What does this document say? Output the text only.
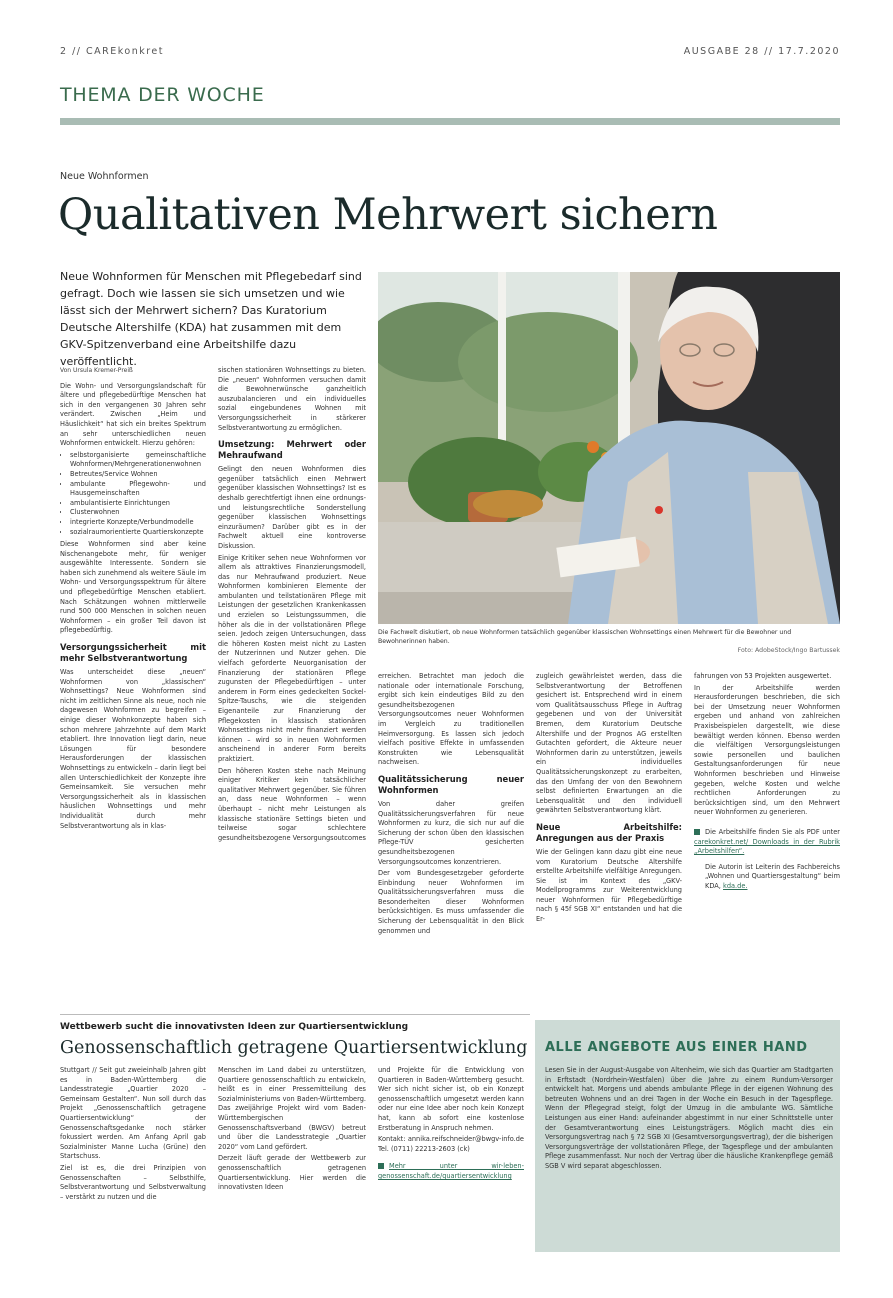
2 // CAREkonkret	AUSGABE 28 // 17.7.2020
THEMA DER WOCHE
Neue Wohnformen
Qualitativen Mehrwert sichern
Neue Wohnformen für Menschen mit Pflegebedarf sind gefragt. Doch wie lassen sie sich umsetzen und wie lässt sich der Mehrwert sichern? Das Kuratorium Deutsche Altershilfe (KDA) hat zusammen mit dem GKV-Spitzenverband eine Arbeitshilfe dazu veröffentlicht.
Die Fachwelt diskutiert, ob neue Wohnformen tatsächlich gegenüber klassischen Wohnsettings einen Mehrwert für die Bewohner und Bewohnerinnen haben.
Foto: AdobeStock/Ingo Bartussek
Von Ursula Kremer-Preiß

Die Wohn- und Versorgungslandschaft für ältere und pflegebedürftige Menschen hat sich in den vergangenen 30 Jahren sehr verändert. Zwischen „Heim und Häuslichkeit“ hat sich ein breites Spektrum an sehr unterschiedlichen neuen Wohnformen entwickelt. Hierzu gehören:

• selbstorganisierte gemeinschaftliche Wohnformen/Mehrgenerationenwohnen
• Betreutes/Service Wohnen
• ambulante Pflegewohn- und Hausgemeinschaften
• ambulantisierte Einrichtungen
• Clusterwohnen
• integrierte Konzepte/Verbundmodelle
• sozialraumorientierte Quartierskonzepte

Diese Wohnformen sind aber keine Nischenangebote mehr, für weniger ausgewählte Interessente. Sondern sie haben sich zunehmend als weitere Säule im Wohn- und Versorgungsspektrum für ältere und pflegebedürftige Menschen etabliert. Nach Schätzungen wohnen mittlerweile rund 500 000 Menschen in solchen neuen Wohnformen – ein großer Teil davon ist pflegebedürftig.

Versorgungssicherheit mit mehr Selbstverantwortung

Was unterscheidet diese „neuen“ Wohnformen von „klassischen“ Wohnsettings? Neue Wohnformen sind nicht im zeitlichen Sinne als neue, noch nie dagewesen Wohnformen zu begreifen – einige dieser Wohnkonzepte haben sich schon mehrere Jahrzehnte auf dem Markt etabliert. Ihre Innovation liegt darin, neue Lösungen für besondere Herausforderungen der klassischen Wohnsettings zu entwickeln – darin liegt bei allen Unterschiedlichkeit der Konzepte ihre Gemeinsamkeit. Sie versuchen mehr Versorgungssicherheit als in klassischen häuslichen Wohnsettings und mehr Individualität durch mehr Selbstverantwortung als in klas-

sischen stationären Wohnsettings zu bieten. Die „neuen“ Wohnformen versuchen damit die Bewohnerwünsche ganzheitlich auszubalancieren und ein individuelles sozial eingebundenes Wohnen mit Versorgungssicherheit in stärkerer Selbstverantwortung zu ermöglichen.

Umsetzung: Mehrwert oder Mehraufwand

Gelingt den neuen Wohnformen dies gegenüber tatsächlich einen Mehrwert gegenüber klassischen Wohnsettings? Ist es deshalb gerechtfertigt ihnen eine ordnungs- und leistungsrechtliche Sonderstellung gegenüber klassischen Wohnsettings einzuräumen? Darüber gibt es in der Fachwelt aktuell eine kontroverse Diskussion.

Einige Kritiker sehen neue Wohnformen vor allem als attraktives Finanzierungsmodell, das nur Mehraufwand produziert. Neue Wohnformen kombinieren Elemente der ambulanten und teilstationären Pflege mit Leistungen der gesetzlichen Krankenkassen und erzielen so Leistungssummen, die höher als die in der vollstationären Pflege seien. Jedoch zeigen Untersuchungen, dass die höheren Kosten meist nicht zu Lasten der Nutzerinnen und Nutzer gehen. Die vielfach geforderte Neuorganisation der Finanzierung der stationären Pflege zugunsten der Pflegebedürftigen – unter anderem in Form eines gedeckelten Sockel-Spitze-Tauschs, wie die steigenden Eigenanteile zur Finanzierung der Pflegekosten in klassisch stationären Wohnsettings nicht mehr finanziert werden können – wird so in neuen Wohnformen anscheinend in anderer Form bereits praktiziert.

Den höheren Kosten stehe nach Meinung einiger Kritiker kein tatsächlicher qualitativer Mehrwert gegenüber. Sie führen an, dass neue Wohnformen – wenn überhaupt – nicht mehr Leistungen als klassische stationäre Settings bieten und teilweise sogar schlechtere gesundheitsbezogene Versorgungsoutcomes

erreichen. Betrachtet man jedoch die nationale oder internationale Forschung, ergibt sich kein eindeutiges Bild zu den gesundheitsbezogenen Versorgungsoutcomes neuer Wohnformen im Vergleich zu traditionellen Heimversorgung. Es lassen sich jedoch vielfach positive Effekte in umfassenden Konstrukten wie Lebensqualität nachweisen.

Qualitätssicherung neuer Wohnformen

Von daher greifen Qualitätssicherungsverfahren für neue Wohnformen zu kurz, die sich nur auf die Sicherung der schon üben den klassischen Pflege-TÜV gesicherten gesundheitsbezogenen Versorgungsoutcomes konzentrieren.

Der vom Bundesgesetzgeber geforderte Einbindung neuer Wohnformen im Qualitätssicherungsverfahren muss die Besonderheiten dieser Wohnformen berücksichtigen. Es muss umfassender die Sicherung der Lebensqualität in den Blick genommen und

zugleich gewährleistet werden, dass die Selbstverantwortung der Betroffenen gesichert ist. Entsprechend wird in einem vom Qualitätsausschuss Pflege in Auftrag gegebenen und von der Universität Bremen, dem Kuratorium Deutsche Altershilfe und der Prognos AG erstellten Gutachten gefordert, die Akteure neuer Wohnformen darin zu unterstützen, jeweils ein individuelles Qualitätssicherungskonzept zu erarbeiten, das den Umfang der von den Bewohnern selbst definierten Erwartungen an die Lebensqualität und den individuell gewährten Selbstverantwortung klärt.

Neue Arbeitshilfe: Anregungen aus der Praxis

Wie der Gelingen kann dazu gibt eine neue vom Kuratorium Deutsche Altershilfe erstellte Arbeitshilfe vielfältige Anregungen. Sie ist im Kontext des „GKV-Modellprogramms zur Weiterentwicklung neuer Wohnformen für Pflegebedürftige nach § 45f SGB XI“ entstanden und hat die Er-

fahrungen von 53 Projekten ausgewertet.

In der Arbeitshilfe werden Herausforderungen beschrieben, die sich bei der Umsetzung neuer Wohnformen ergeben und anhand von zahlreichen Praxisbeispielen dargestellt, wie diese bewältigt werden können. Ebenso werden die vielfältigen Versorgungsleistungen sowie personellen und baulichen Gestaltungsanforderungen für neue Wohnformen beschrieben und Hinweise gegeben, welche Kosten und welche rechtlichen Anforderungen zu berücksichtigen sind, um den Mehrwert neuer Wohnformen zu generieren.

Die Arbeitshilfe finden Sie als PDF unter carekonkret.net/ Downloads in der Rubrik „Arbeitshilfen“.

Die Autorin ist Leiterin des Fachbereichs „Wohnen und Quartiersgestaltung“ beim KDA, kda.de.

Wettbewerb sucht die innovativsten Ideen zur Quartiersentwicklung
Genossenschaftlich getragene Quartiersentwicklung

Stuttgart // Seit gut zweieinhalb Jahren gibt es in Baden-Württemberg die Landesstrategie „Quartier 2020 – Gemeinsam Gestalten“. Nun soll durch das Projekt „Genossenschaftlich getragene Quartiersentwicklung“ der Genossenschaftsgedanke noch stärker fokussiert werden. Am Anfang April gab Sozialminister Manne Lucha (Grüne) den Startschuss.

Ziel ist es, die drei Prinzipien von Genossenschaften – Selbsthilfe, Selbstverantwortung und Selbstverwaltung – verstärkt zu nutzen und die

Menschen im Land dabei zu unterstützen, Quartiere genossenschaftlich zu entwickeln, heißt es in einer Pressemitteilung des Sozialministeriums von Baden-Württemberg. Das zweijährige Projekt wird vom Baden-Württembergischen Genossenschaftsverband (BWGV) betreut und über die Landesstrategie „Quartier 2020“ vom Land gefördert.

Derzeit läuft gerade der Wettbewerb zur genossenschaftlich getragenen Quartiersentwicklung. Hier werden die innovativsten Ideen

und Projekte für die Entwicklung von Quartieren in Baden-Württemberg gesucht. Wer sich nicht sicher ist, ob ein Konzept genossenschaftlich umgesetzt werden kann oder nur eine Idee aber noch kein Konzept hat, kann ab sofort eine kostenlose Erstberatung in Anspruch nehmen.

Kontakt: annika.reifschneider@bwgv-info.de Tel. (0711) 22213-2603 (ck)

Mehr unter wir-leben-genossenschaft.de/quartiersentwicklung

ALLE ANGEBOTE AUS EINER HAND
Lesen Sie in der August-Ausgabe von Altenheim, wie sich das Quartier am Stadtgarten in Erftstadt (Nordrhein-Westfalen) über die Jahre zu einem Rundum-Versorger entwickelt hat. Morgens und abends ambulante Pflege in der eigenen Wohnung des betreuten Wohnens und an drei Tagen in der Woche ein Besuch in der Tagespflege. Wenn der Pflegegrad steigt, folgt der Umzug in die ambulante WG. Sämtliche Leistungen aus einer Hand: aufeinander abgestimmt in nur einer Schnittstelle unter der Gesamtverantwortung eines Leistungsträgers. Möglich macht dies ein Versorgungsvertrag nach § 72 SGB XI (Gesamtversorgungsvertrag), der die bisherigen Versorgungsverträge der vollstationären Pflege, der Tagespflege und der ambulanten Pflege zusammenfasst. Nur noch der Vertrag über die häusliche Krankenpflege gemäß SGB V wird separat abgeschlossen.
